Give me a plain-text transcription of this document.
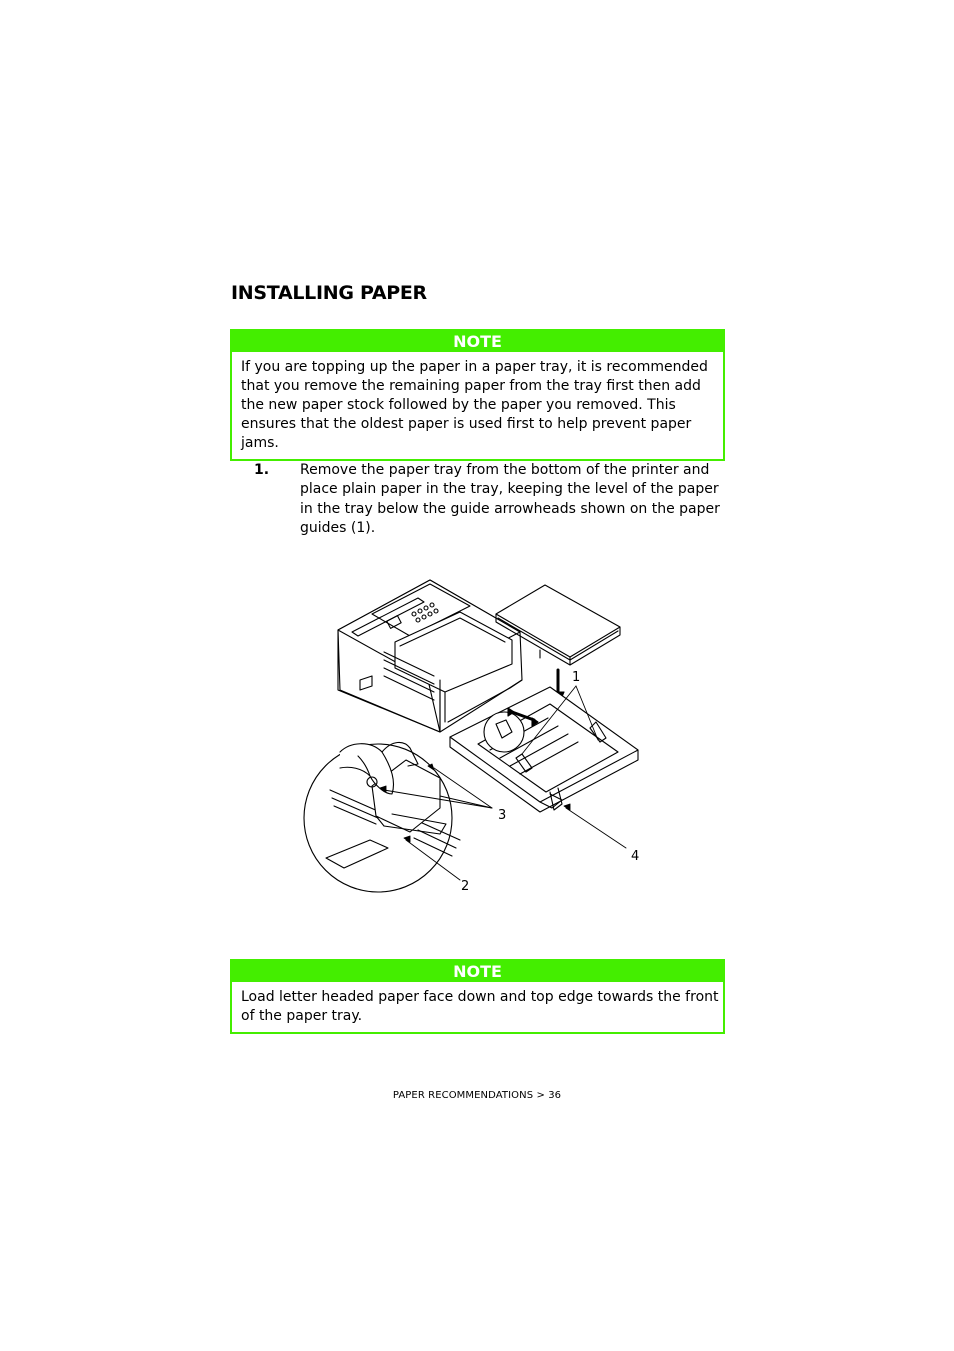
INSTALLING PAPER
NOTE
If you are topping up the paper in a paper tray, it is recommended that you remove the remaining paper from the tray first then add the new paper stock followed by the paper you removed. This ensures that the oldest paper is used first to help prevent paper jams.
1. Remove the paper tray from the bottom of the printer and place plain paper in the tray, keeping the level of the paper in the tray below the guide arrowheads shown on the paper guides (1).
1
2
3
4
NOTE
Load letter headed paper face down and top edge towards the front of the paper tray.
PAPER RECOMMENDATIONS > 36
